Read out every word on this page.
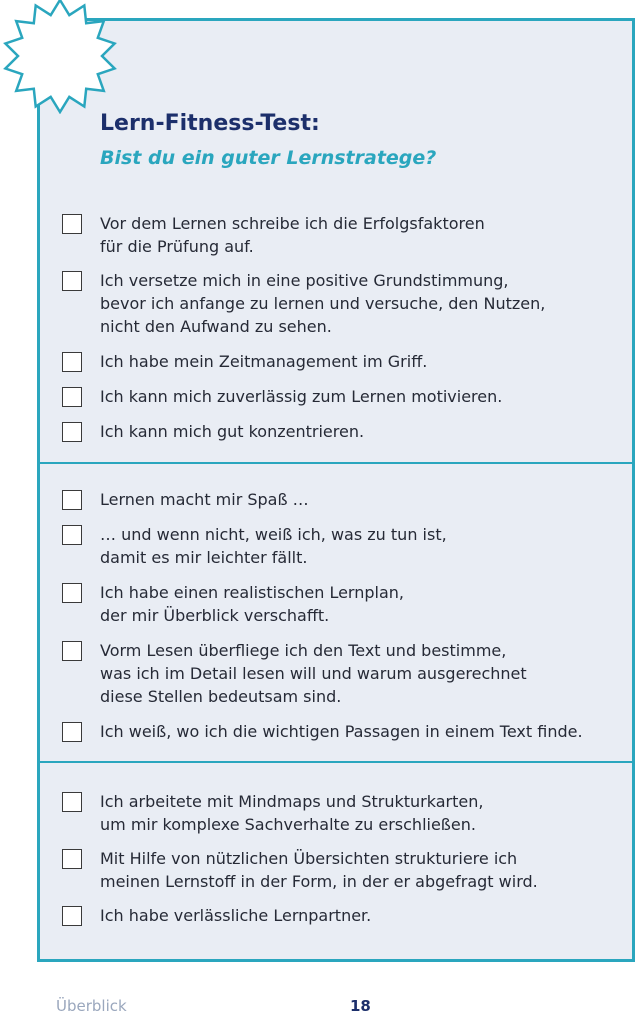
Lern-Fitness-Test:
Bist du ein guter Lernstratege?
Vor dem Lernen schreibe ich die Erfolgsfaktoren
für die Prüfung auf.
Ich versetze mich in eine positive Grundstimmung,
bevor ich anfange zu lernen und versuche, den Nutzen,
nicht den Aufwand zu sehen.
Ich habe mein Zeitmanagement im Griff.
Ich kann mich zuverlässig zum Lernen motivieren.
Ich kann mich gut konzentrieren.
Lernen macht mir Spaß …
… und wenn nicht, weiß ich, was zu tun ist,
damit es mir leichter fällt.
Ich habe einen realistischen Lernplan,
der mir Überblick verschafft.
Vorm Lesen überfliege ich den Text und bestimme,
was ich im Detail lesen will und warum ausgerechnet
diese Stellen bedeutsam sind.
Ich weiß, wo ich die wichtigen Passagen in einem Text finde.
Ich arbeitete mit Mindmaps und Strukturkarten,
um mir komplexe Sachverhalte zu erschließen.
Mit Hilfe von nützlichen Übersichten strukturiere ich
meinen Lernstoff in der Form, in der er abgefragt wird.
Ich habe verlässliche Lernpartner.
Überblick	18
